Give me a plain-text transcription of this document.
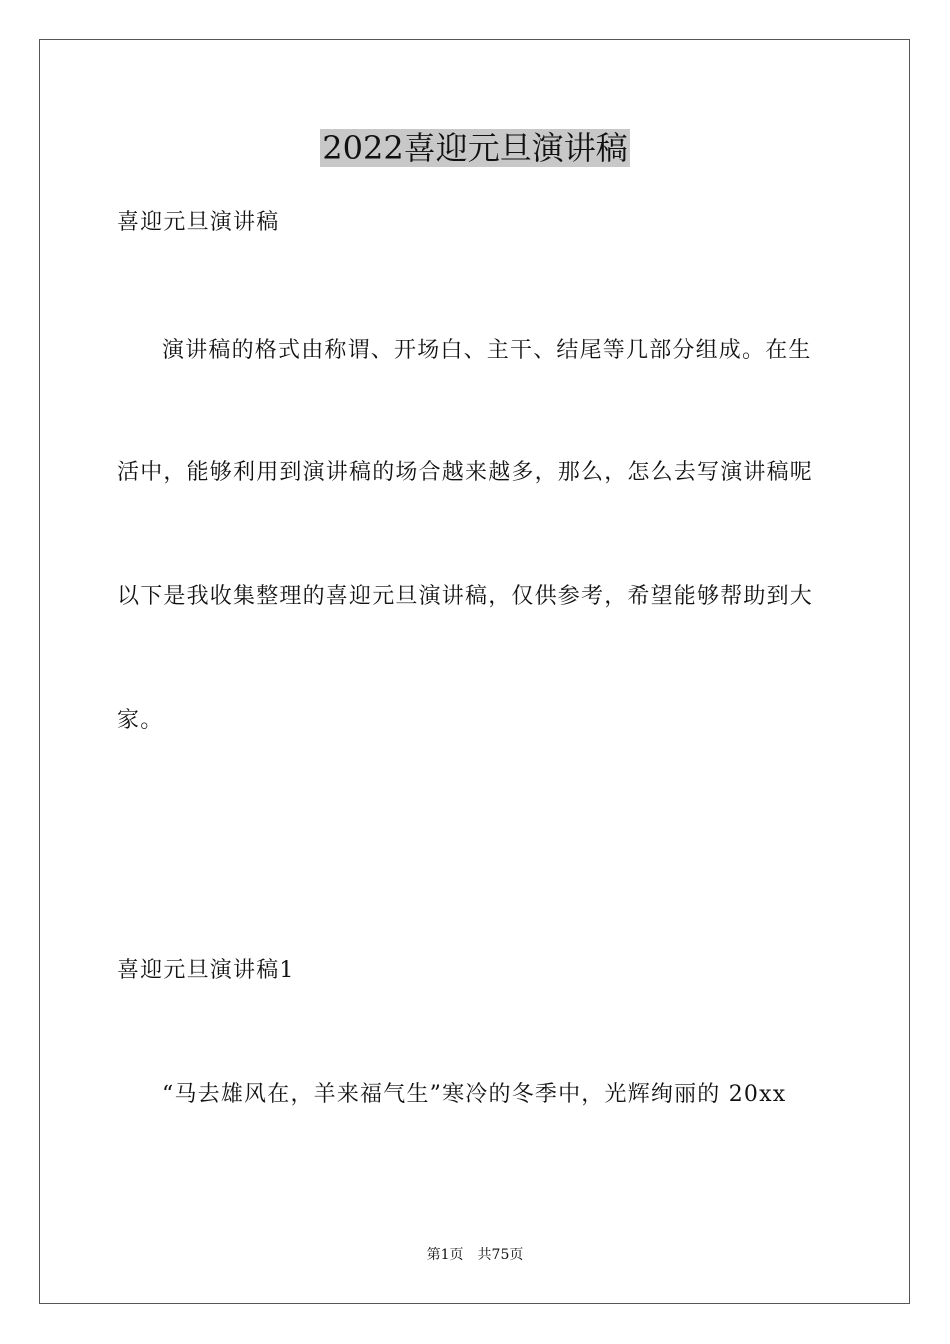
2022喜迎元旦演讲稿
喜迎元旦演讲稿
演讲稿的格式由称谓、开场白、主干、结尾等几部分组成。在生
活中，能够利用到演讲稿的场合越来越多，那么，怎么去写演讲稿呢
以下是我收集整理的喜迎元旦演讲稿，仅供参考，希望能够帮助到大
家。
喜迎元旦演讲稿1
“马去雄风在，羊来福气生”寒冷的冬季中，光辉绚丽的 20xx
第1页 共75页
